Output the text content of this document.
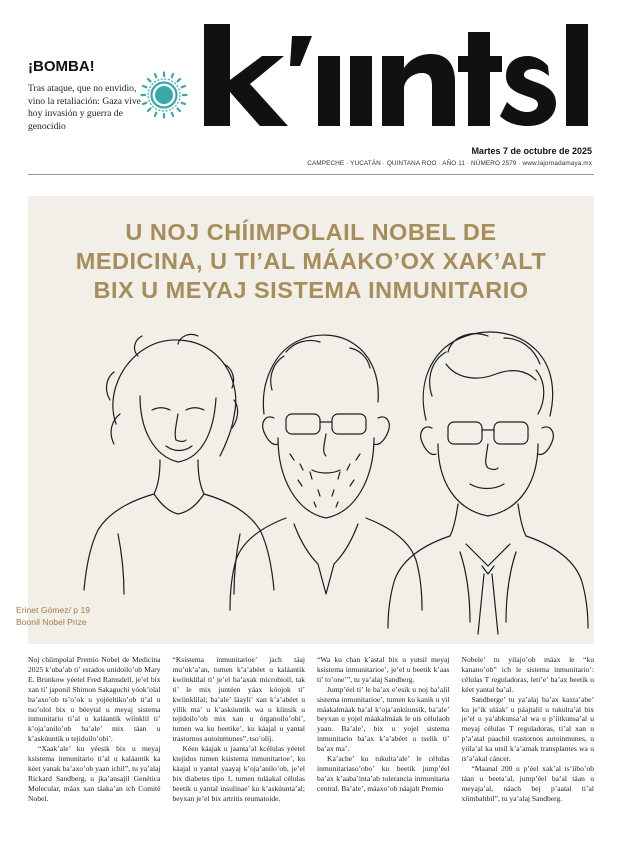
¡BOMBA!
Tras ataque, que no envidio, vino la retaliación: Gaza vive hoy invasión y guerra de genocidio
Martes 7 de octubre de 2025
CAMPECHE · YUCATÁN · QUINTANA ROO · AÑO 11 · NÚMERO 2579 · www.lajornadamaya.mx
U NOJ CHÍIMPOLAIL NOBEL DE
MEDICINA, U TI’AL MÁAKO’OX XAK’ALT
BIX U MEYAJ SISTEMA INMUNITARIO
Erinet Gómez/ p 19
Boonil Nobel Prize

Noj chíimpolal Premio Nobel de Medicina 2025 k’uba’ab ti’ estados unidoilo’ob Mary E. Brunkow yéetel Fred Ramsdell, je’el bix xan ti’ japonil Shimon Sakaguchi yóok’olal ba’axo’ob ts’o’ok u yojéeltiko’ob ti’al u tso’olol bix u béeytal u meyaj sistema inmunitario ti’al u kaláantik wíinklil ti’ k’oja’anilo’ob ba’ale’ mix táan u k’askúuntik u tejidoilo’obi’.

“Xaak’ale’ ku yéesik bix u meyaj ksistema inmunitario ti’al u kaláantik ka kéet yanak ba’axo’ob yaan ichil”, tu ya’alaj Rickard Sandberg, u jka’ansajil Genética Molecular, máax xan táaka’an ich Comité Nobel.

“Ksistema inmunitarioe’ jach táaj mu’uk’a’an, tumen k’a’abéet u kaláantik kwíinklilal ti’ je’el ba’axak microbioil, tak ti’ le mix juntéen yáax kóojok ti’ kwíinklilal; ba’ale’ láayli’ xan k’a’abéet u yilik ma’ u k’askúuntik wa u kíinsik u tejidoilo’ob mix xan u órganoilo’obi’, tumen wa ku beetike’, ku káajal u yantal trastornos autoinmunes”, tso’olij.

Kéen káajak u jaanta’al kcélulas yéetel ktejidos tumen ksistema inmunitarioe’, ku káajal u yantal yaayaj k’oja’anilo’ob, je’el bix diabetes tipo 1, tumen tuláakal células beetik u yantal insulinae’ ku k’askúunta’al; beyxan je’el bix artritis reumatoide.

“Wa ku chan k’astal bix u yutsil meyaj ksistema inmunitarioe’, je’el u beetik k’aas ti’ to’one’”, tu ya’alaj Sandberg.

Jump’éel ti’ le ba’ax e’esik u noj ba’alil sistema inmunitarioe’, tumen ku kanik u yil máakalmáak ba’al k’oja’ankúunsik, ba’ale’ beyxan u yojel máakalmáak le uts célulaob yaan. Ba’ale’, bix u yojel sistema inmunitario ba’ax k’a’abéet u tselik ti’ ba’ax ma’.

Ka’ache’ ku tukulta’ale’ le células inmunitariaso’obo’ ku beetik jump’éel ba’ax k’aaba’inta’ab tolerancia inmunitaria central. Ba’ale’, máaxo’ob náajalt Premio

Nobele’ tu yilajo’ob máax le “ku kanano’ob” ich le sistema inmunitario’: células T reguladoras, leti’e’ ba’ax beetik u kéet yantal ba’al.

Sandberge’ tu ya’alaj ba’ax kaxta’abe’ ku je’ik uláak’ u páajtalil u tukulta’al bix je’el u ya’abkunsa’al wa u p’íitkunsa’al u meyaj células T reguladoras, ti’al xan u p’a’atal paachil trastornos autoinmunes, u yiila’al ka utsil k’a’amak transplantes wa u ts’a’akal cáncer.

“Maanal 200 u p’éel xak’al ts’íibo’ob táan u beeta’al, jump’éel ba’al táan u meyaja’al, náach bej p’aatal ti’al xíimbaltbil”, tu ya’alaj Sandberg.
